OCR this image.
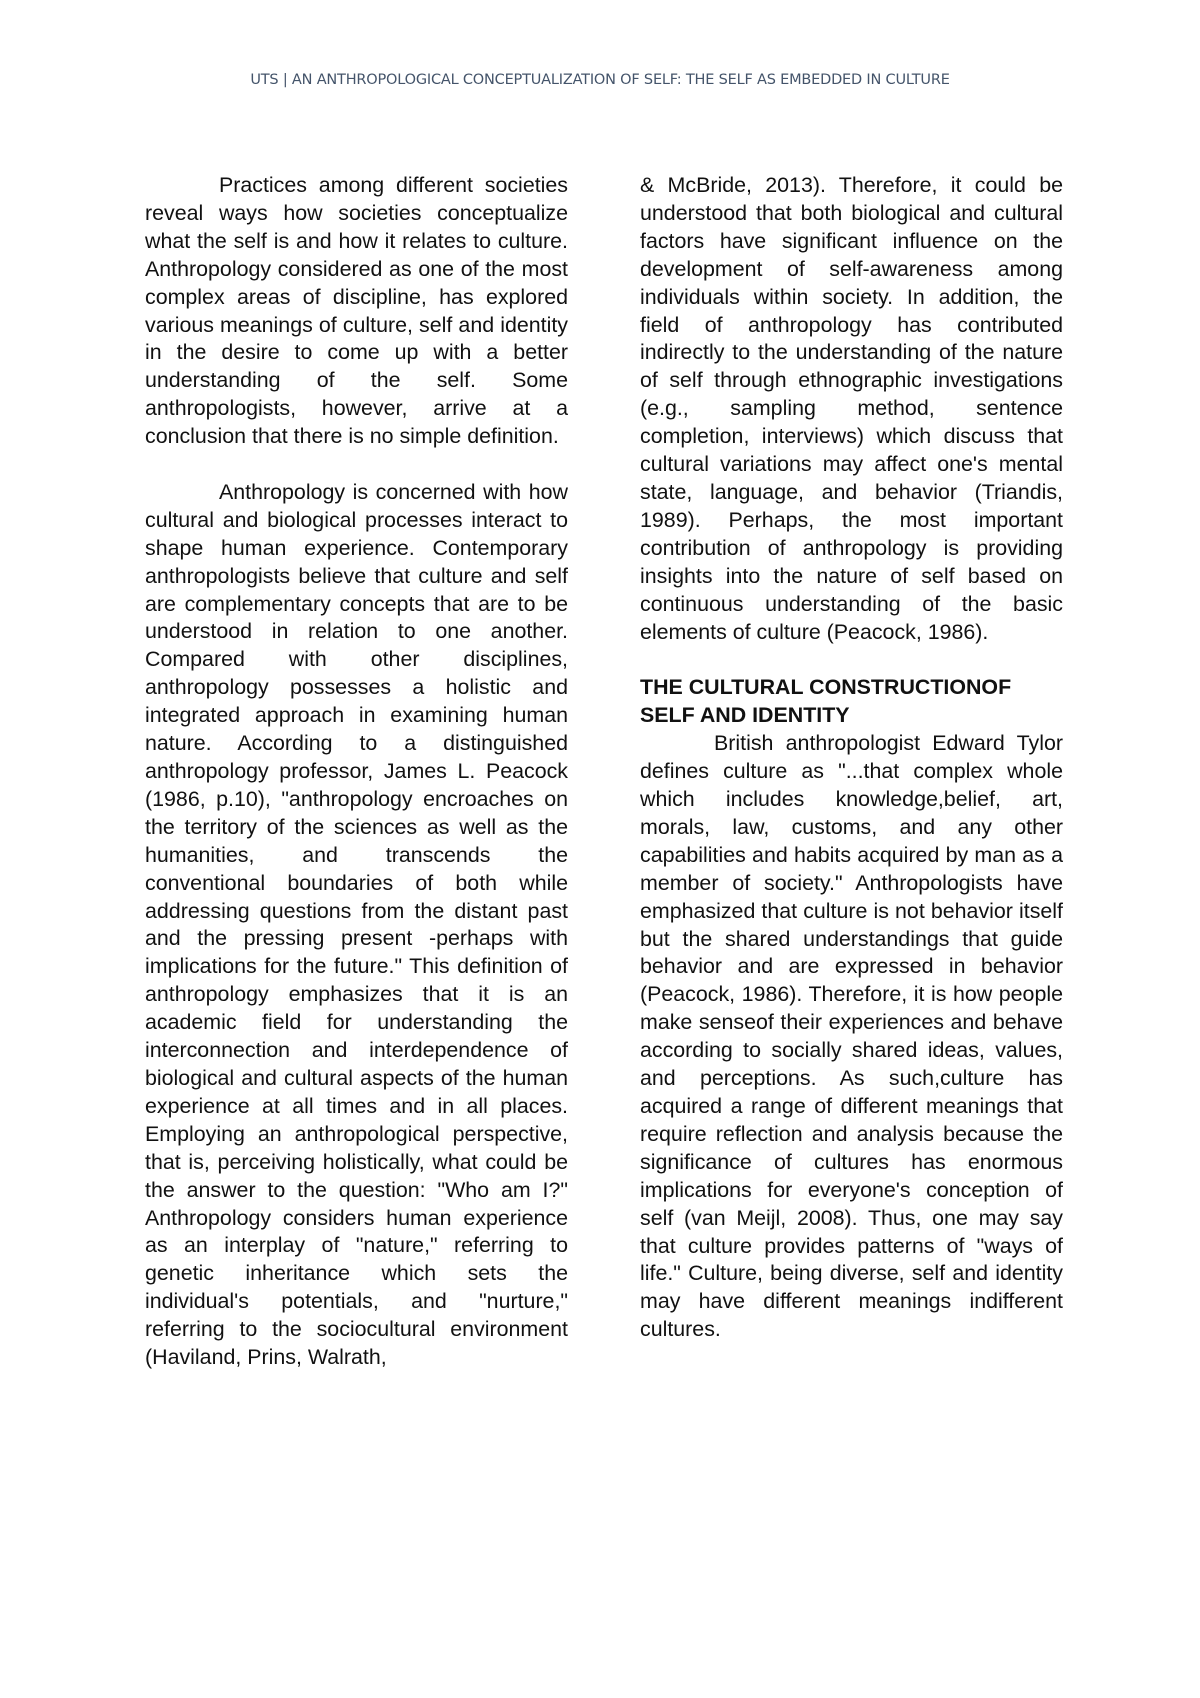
UTS | AN ANTHROPOLOGICAL CONCEPTUALIZATION OF SELF: THE SELF AS EMBEDDED IN CULTURE

Practices among different societies reveal ways how societies conceptualize what the self is and how it relates to culture. Anthropology considered as one of the most complex areas of discipline, has explored various meanings of culture, self and identity in the desire to come up with a better understanding of the self. Some anthropologists, however, arrive at a conclusion that there is no simple definition.

Anthropology is concerned with how cultural and biological processes interact to shape human experience. Contemporary anthropologists believe that culture and self are complementary concepts that are to be understood in relation to one another. Compared with other disciplines, anthropology possesses a holistic and integrated approach in examining human nature. According to a distinguished anthropology professor, James L. Peacock (1986, p.10), "anthropology encroaches on the territory of the sciences as well as the humanities, and transcends the conventional boundaries of both while addressing questions from the distant past and the pressing present -perhaps with implications for the future." This definition of anthropology emphasizes that it is an academic field for understanding the interconnection and interdependence of biological and cultural aspects of the human experience at all times and in all places. Employing an anthropological perspective, that is, perceiving holistically, what could be the answer to the question: "Who am I?" Anthropology considers human experience as an interplay of "nature," referring to genetic inheritance which sets the individual's potentials, and "nurture," referring to the sociocultural environment (Haviland, Prins, Walrath,

& McBride, 2013). Therefore, it could be understood that both biological and cultural factors have significant influence on the development of self-awareness among individuals within society. In addition, the field of anthropology has contributed indirectly to the understanding of the nature of self through ethnographic investigations (e.g., sampling method, sentence completion, interviews) which discuss that cultural variations may affect one's mental state, language, and behavior (Triandis, 1989). Perhaps, the most important contribution of anthropology is providing insights into the nature of self based on continuous understanding of the basic elements of culture (Peacock, 1986).

THE CULTURAL CONSTRUCTIONOF SELF AND IDENTITY

British anthropologist Edward Tylor defines culture as "...that complex whole which includes knowledge,belief, art, morals, law, customs, and any other capabilities and habits acquired by man as a member of society." Anthropologists have emphasized that culture is not behavior itself but the shared understandings that guide behavior and are expressed in behavior (Peacock, 1986). Therefore, it is how people make senseof their experiences and behave according to socially shared ideas, values, and perceptions. As such,culture has acquired a range of different meanings that require reflection and analysis because the significance of cultures has enormous implications for everyone's conception of self (van Meijl, 2008). Thus, one may say that culture provides patterns of "ways of life." Culture, being diverse, self and identity may have different meanings indifferent cultures.
